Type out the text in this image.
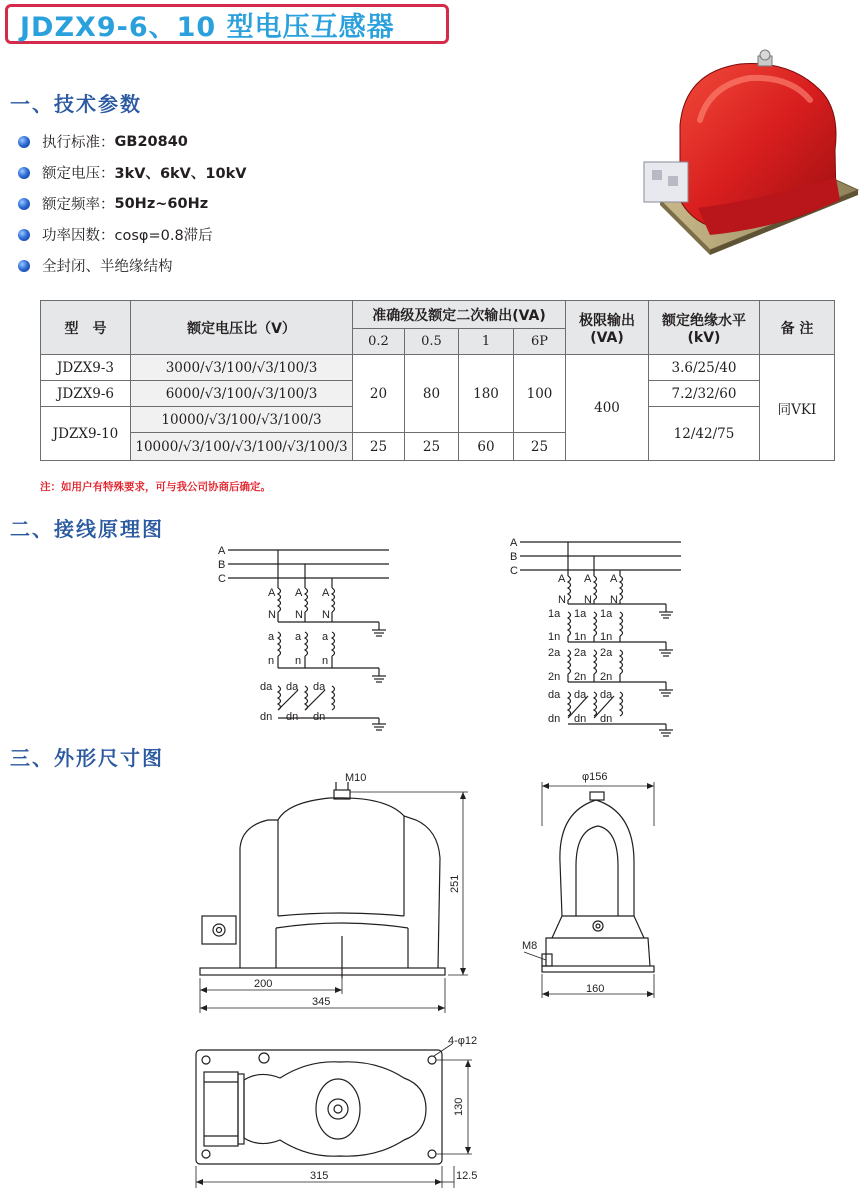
JDZX9-6、10 型电压互感器
一、技术参数
执行标准： GB20840
额定电压： 3kV、6kV、10kV
额定频率： 50Hz~60Hz
功率因数： cosφ=0.8滞后
全封闭、半绝缘结构
型　号	额定电压比（V）	准确级及额定二次输出(VA)				极限输出(VA)	额定绝缘水平(kV)	备 注
		0.2	0.5	1	6P			
JDZX9-3	3000/√3/100/√3/100/3	20	80	180	100	400	3.6/25/40	同VKI
JDZX9-6	6000/√3/100/√3/100/3						7.2/32/60	
JDZX9-10	10000/√3/100/√3/100/3						12/42/75	
	10000/√3/100/√3/100/√3/100/3	25	25	60	25			
注：如用户有特殊要求，可与我公司协商后确定。
二、接线原理图
A
B
C
A A A
N N N
a a a
n n n
da da da
dn dn dn
A
B
C
A A A
N N N
1a 1a 1a
1n 1n 1n
2a 2a 2a
2n 2n 2n
da da da
dn dn dn
三、外形尺寸图
M10
251
200
345
φ156
M8
160
4-φ12
130
315	12.5
